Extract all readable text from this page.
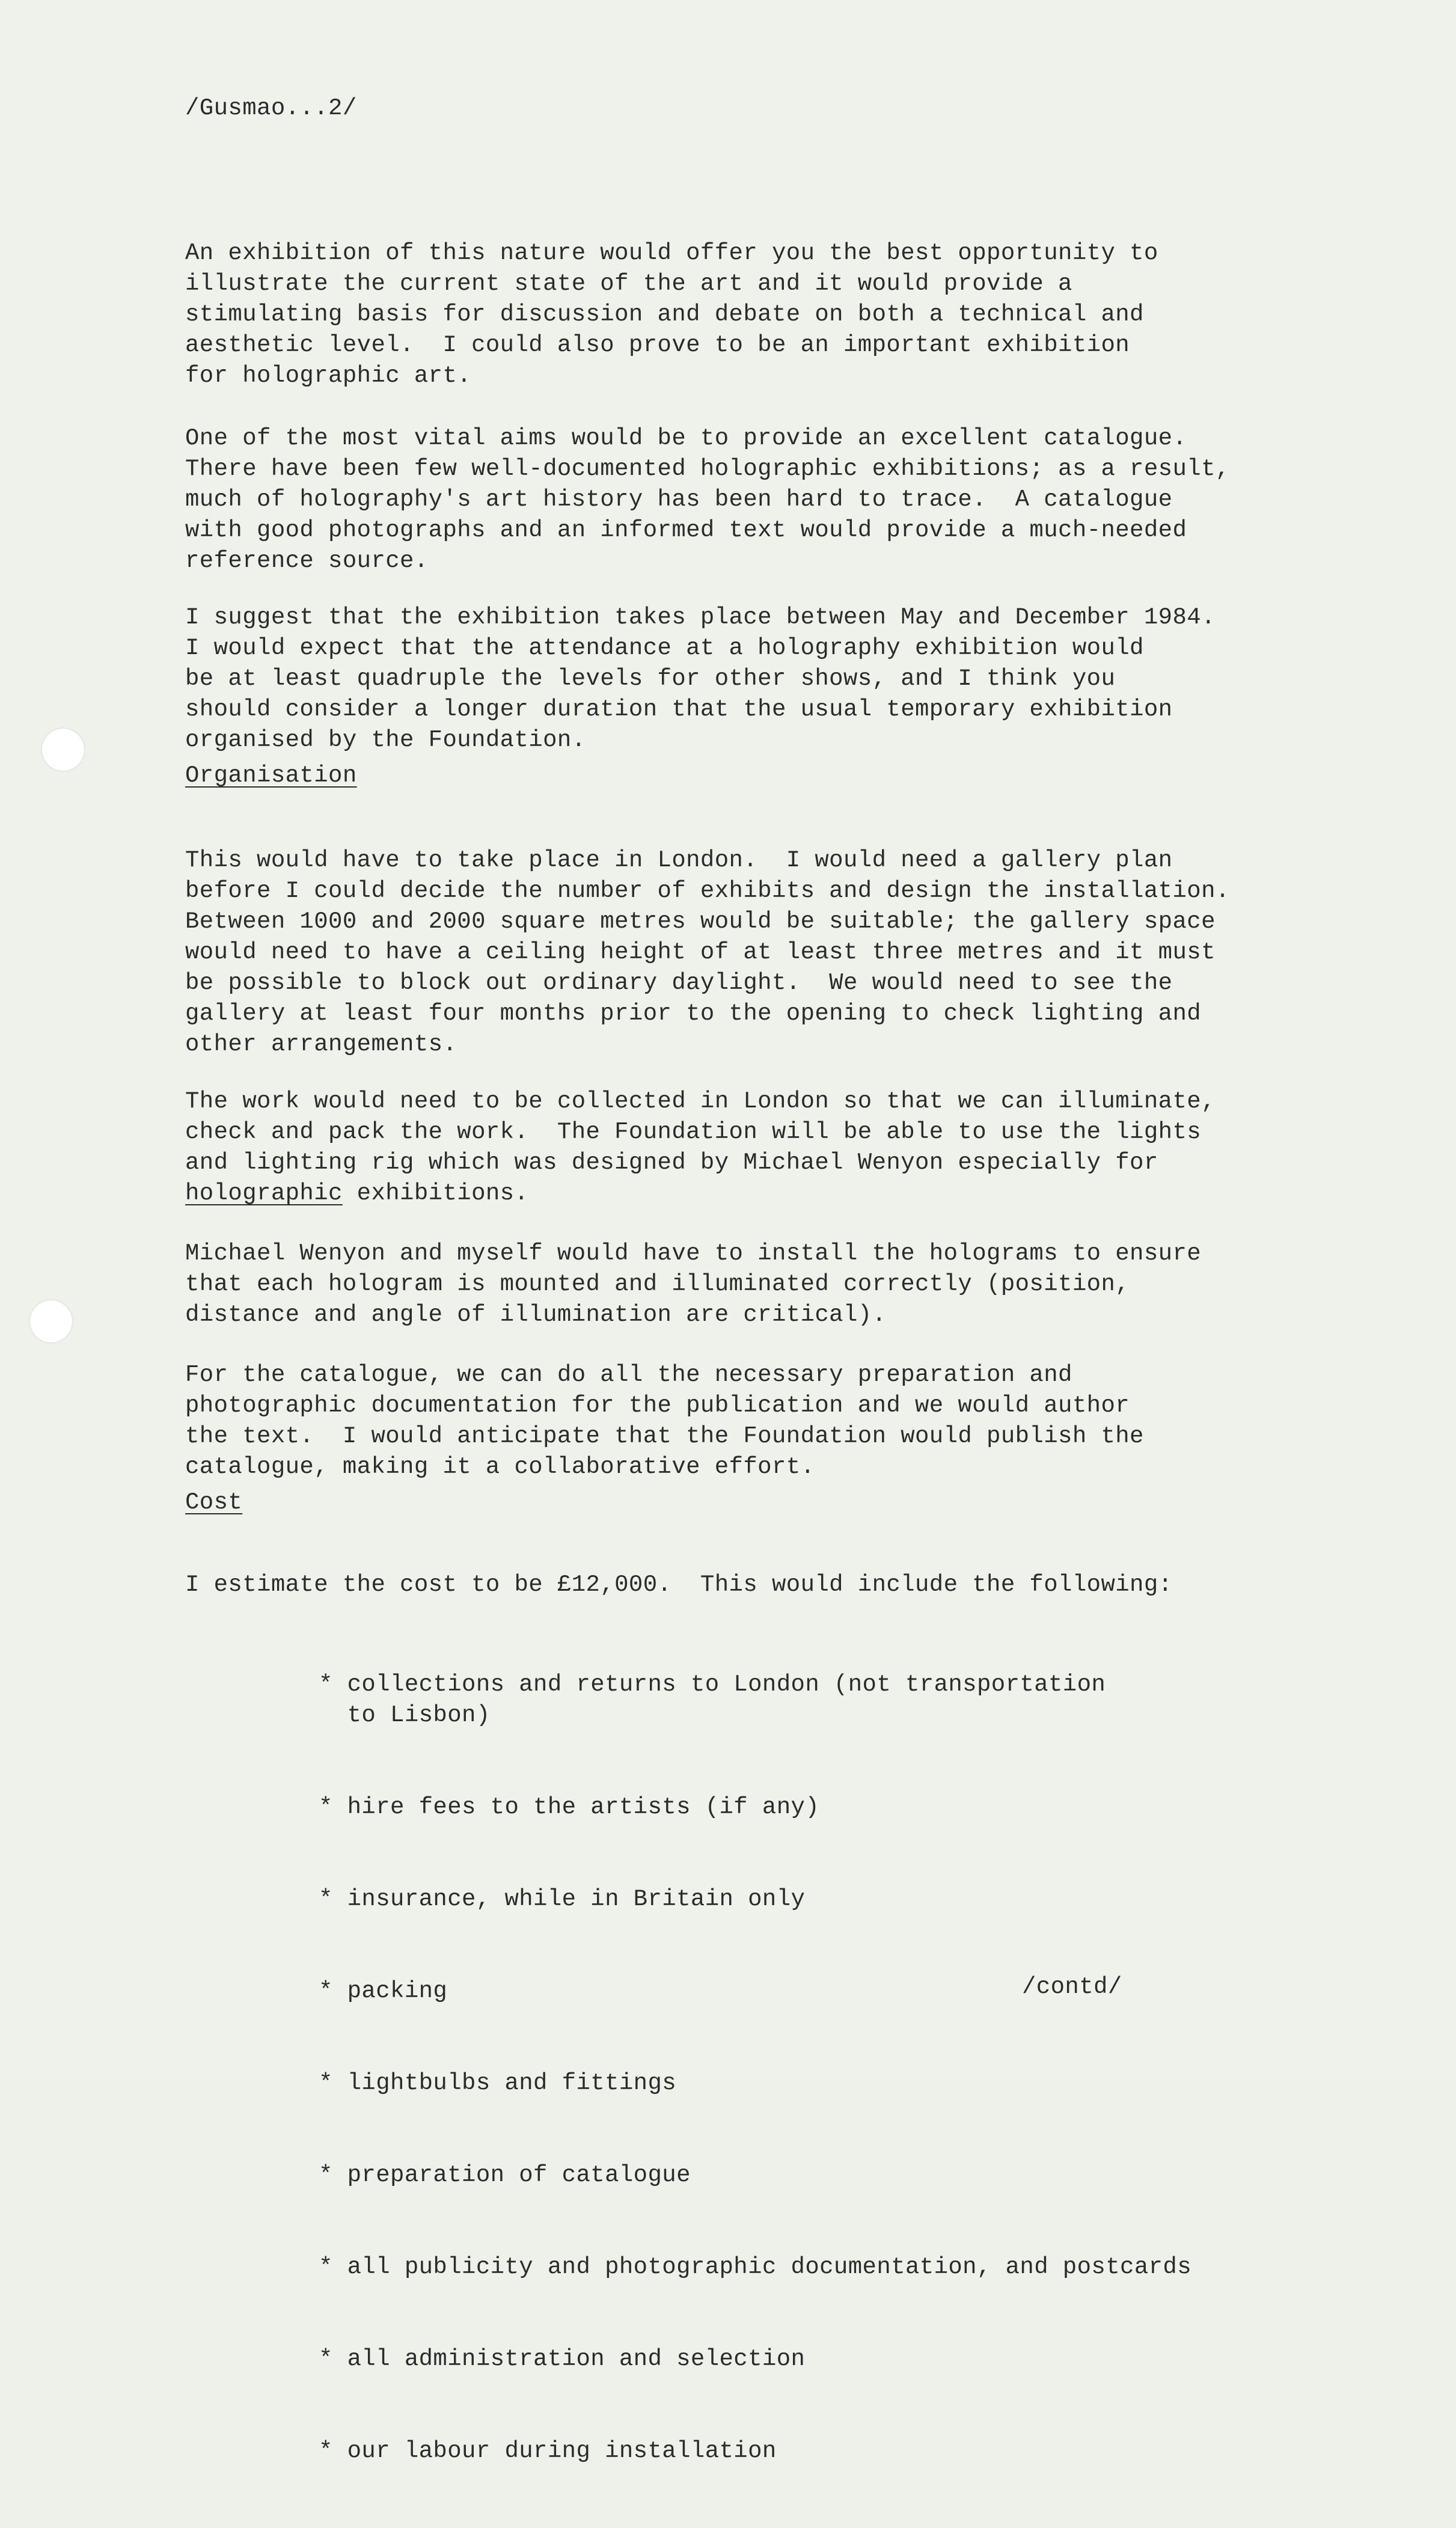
/Gusmao...2/

An exhibition of this nature would offer you the best opportunity to
illustrate the current state of the art and it would provide a
stimulating basis for discussion and debate on both a technical and
aesthetic level.  I could also prove to be an important exhibition
for holographic art.

One of the most vital aims would be to provide an excellent catalogue.
There have been few well-documented holographic exhibitions; as a result,
much of holography's art history has been hard to trace.  A catalogue
with good photographs and an informed text would provide a much-needed
reference source.

I suggest that the exhibition takes place between May and December 1984.
I would expect that the attendance at a holography exhibition would
be at least quadruple the levels for other shows, and I think you
should consider a longer duration that the usual temporary exhibition
organised by the Foundation.

Organisation

This would have to take place in London.  I would need a gallery plan
before I could decide the number of exhibits and design the installation.
Between 1000 and 2000 square metres would be suitable; the gallery space
would need to have a ceiling height of at least three metres and it must
be possible to block out ordinary daylight.  We would need to see the
gallery at least four months prior to the opening to check lighting and
other arrangements.

The work would need to be collected in London so that we can illuminate,
check and pack the work.  The Foundation will be able to use the lights
and lighting rig which was designed by Michael Wenyon especially for
holographic exhibitions.

Michael Wenyon and myself would have to install the holograms to ensure
that each hologram is mounted and illuminated correctly (position,
distance and angle of illumination are critical).

For the catalogue, we can do all the necessary preparation and
photographic documentation for the publication and we would author
the text.  I would anticipate that the Foundation would publish the
catalogue, making it a collaborative effort.

Cost

I estimate the cost to be £12,000.  This would include the following:

* collections and returns to London (not transportation
to Lisbon)

* hire fees to the artists (if any)

* insurance, while in Britain only

* packing

* lightbulbs and fittings

* preparation of catalogue

* all publicity and photographic documentation, and postcards

* all administration and selection

* our labour during installation

/contd/
